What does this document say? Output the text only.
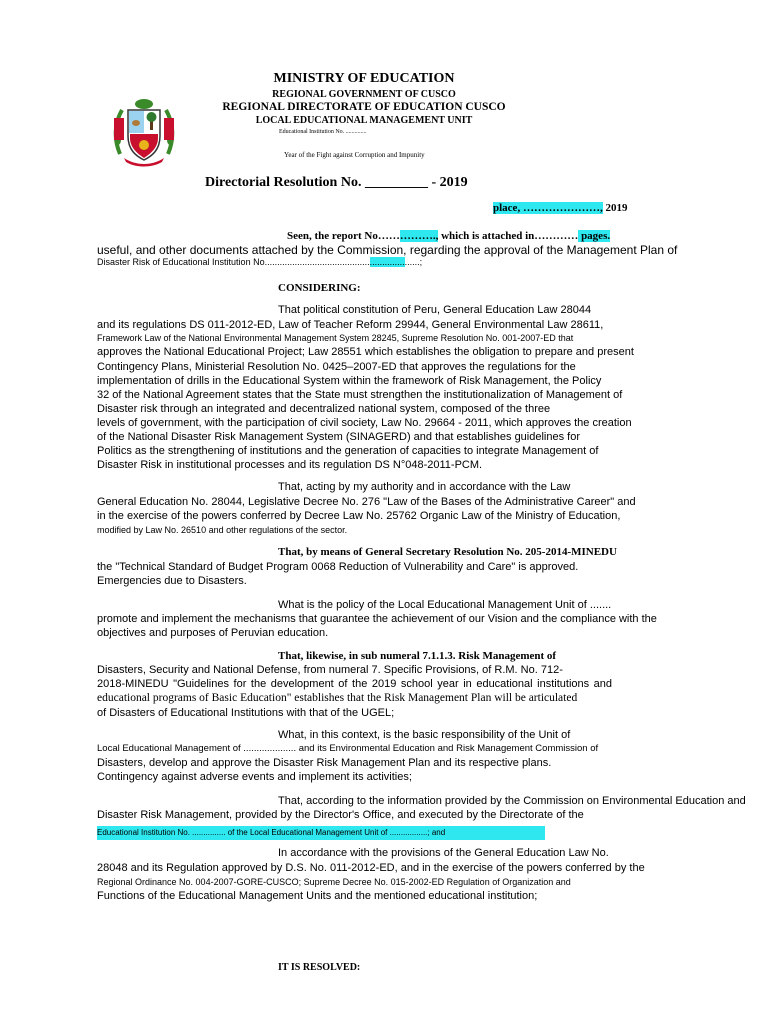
MINISTRY OF EDUCATION
REGIONAL GOVERNMENT OF CUSCO
REGIONAL DIRECTORATE OF EDUCATION CUSCO
LOCAL EDUCATIONAL MANAGEMENT UNIT
Educational Institution No. ..............
Year of the Fight against Corruption and Impunity
Directorial Resolution No. _________ - 2019
place, …………………, 2019
Seen, the report No……………., which is attached in………… pages.
useful, and other documents attached by the Commission, regarding the approval of the Management Plan of
Disaster Risk of Educational Institution No..............................................................;
CONSIDERING:
That political constitution of Peru, General Education Law 28044
and its regulations DS 011-2012-ED, Law of Teacher Reform 29944, General Environmental Law 28611,
Framework Law of the National Environmental Management System 28245, Supreme Resolution No. 001-2007-ED that
approves the National Educational Project; Law 28551 which establishes the obligation to prepare and present
Contingency Plans, Ministerial Resolution No. 0425–2007-ED that approves the regulations for the
implementation of drills in the Educational System within the framework of Risk Management, the Policy
32 of the National Agreement states that the State must strengthen the institutionalization of Management of
Disaster risk through an integrated and decentralized national system, composed of the three
levels of government, with the participation of civil society, Law No. 29664 - 2011, which approves the creation
of the National Disaster Risk Management System (SINAGERD) and that establishes guidelines for
Politics as the strengthening of institutions and the generation of capacities to integrate Management of
Disaster Risk in institutional processes and its regulation DS N°048-2011-PCM.
That, acting by my authority and in accordance with the Law
General Education No. 28044, Legislative Decree No. 276 "Law of the Bases of the Administrative Career" and
in the exercise of the powers conferred by Decree Law No. 25762 Organic Law of the Ministry of Education,
modified by Law No. 26510 and other regulations of the sector.
That, by means of General Secretary Resolution No. 205-2014-MINEDU
the "Technical Standard of Budget Program 0068 Reduction of Vulnerability and Care" is approved.
Emergencies due to Disasters.
What is the policy of the Local Educational Management Unit of .......
promote and implement the mechanisms that guarantee the achievement of our Vision and the compliance with the
objectives and purposes of Peruvian education.
That, likewise, in sub numeral 7.1.1.3. Risk Management of
Disasters, Security and National Defense, from numeral 7. Specific Provisions, of R.M. No. 712-
2018-MINEDU "Guidelines for the development of the 2019 school year in educational institutions and
educational programs of Basic Education" establishes that the Risk Management Plan will be articulated
of Disasters of Educational Institutions with that of the UGEL;
What, in this context, is the basic responsibility of the Unit of
Local Educational Management of .................... and its Environmental Education and Risk Management Commission of
Disasters, develop and approve the Disaster Risk Management Plan and its respective plans.
Contingency against adverse events and implement its activities;
That, according to the information provided by the Commission on Environmental Education and
Disaster Risk Management, provided by the Director's Office, and executed by the Directorate of the
Educational Institution No. ............... of the Local Educational Management Unit of .................; and
In accordance with the provisions of the General Education Law No.
28048 and its Regulation approved by D.S. No. 011-2012-ED, and in the exercise of the powers conferred by the
Regional Ordinance No. 004-2007-GORE-CUSCO; Supreme Decree No. 015-2002-ED Regulation of Organization and
Functions of the Educational Management Units and the mentioned educational institution;
IT IS RESOLVED:
